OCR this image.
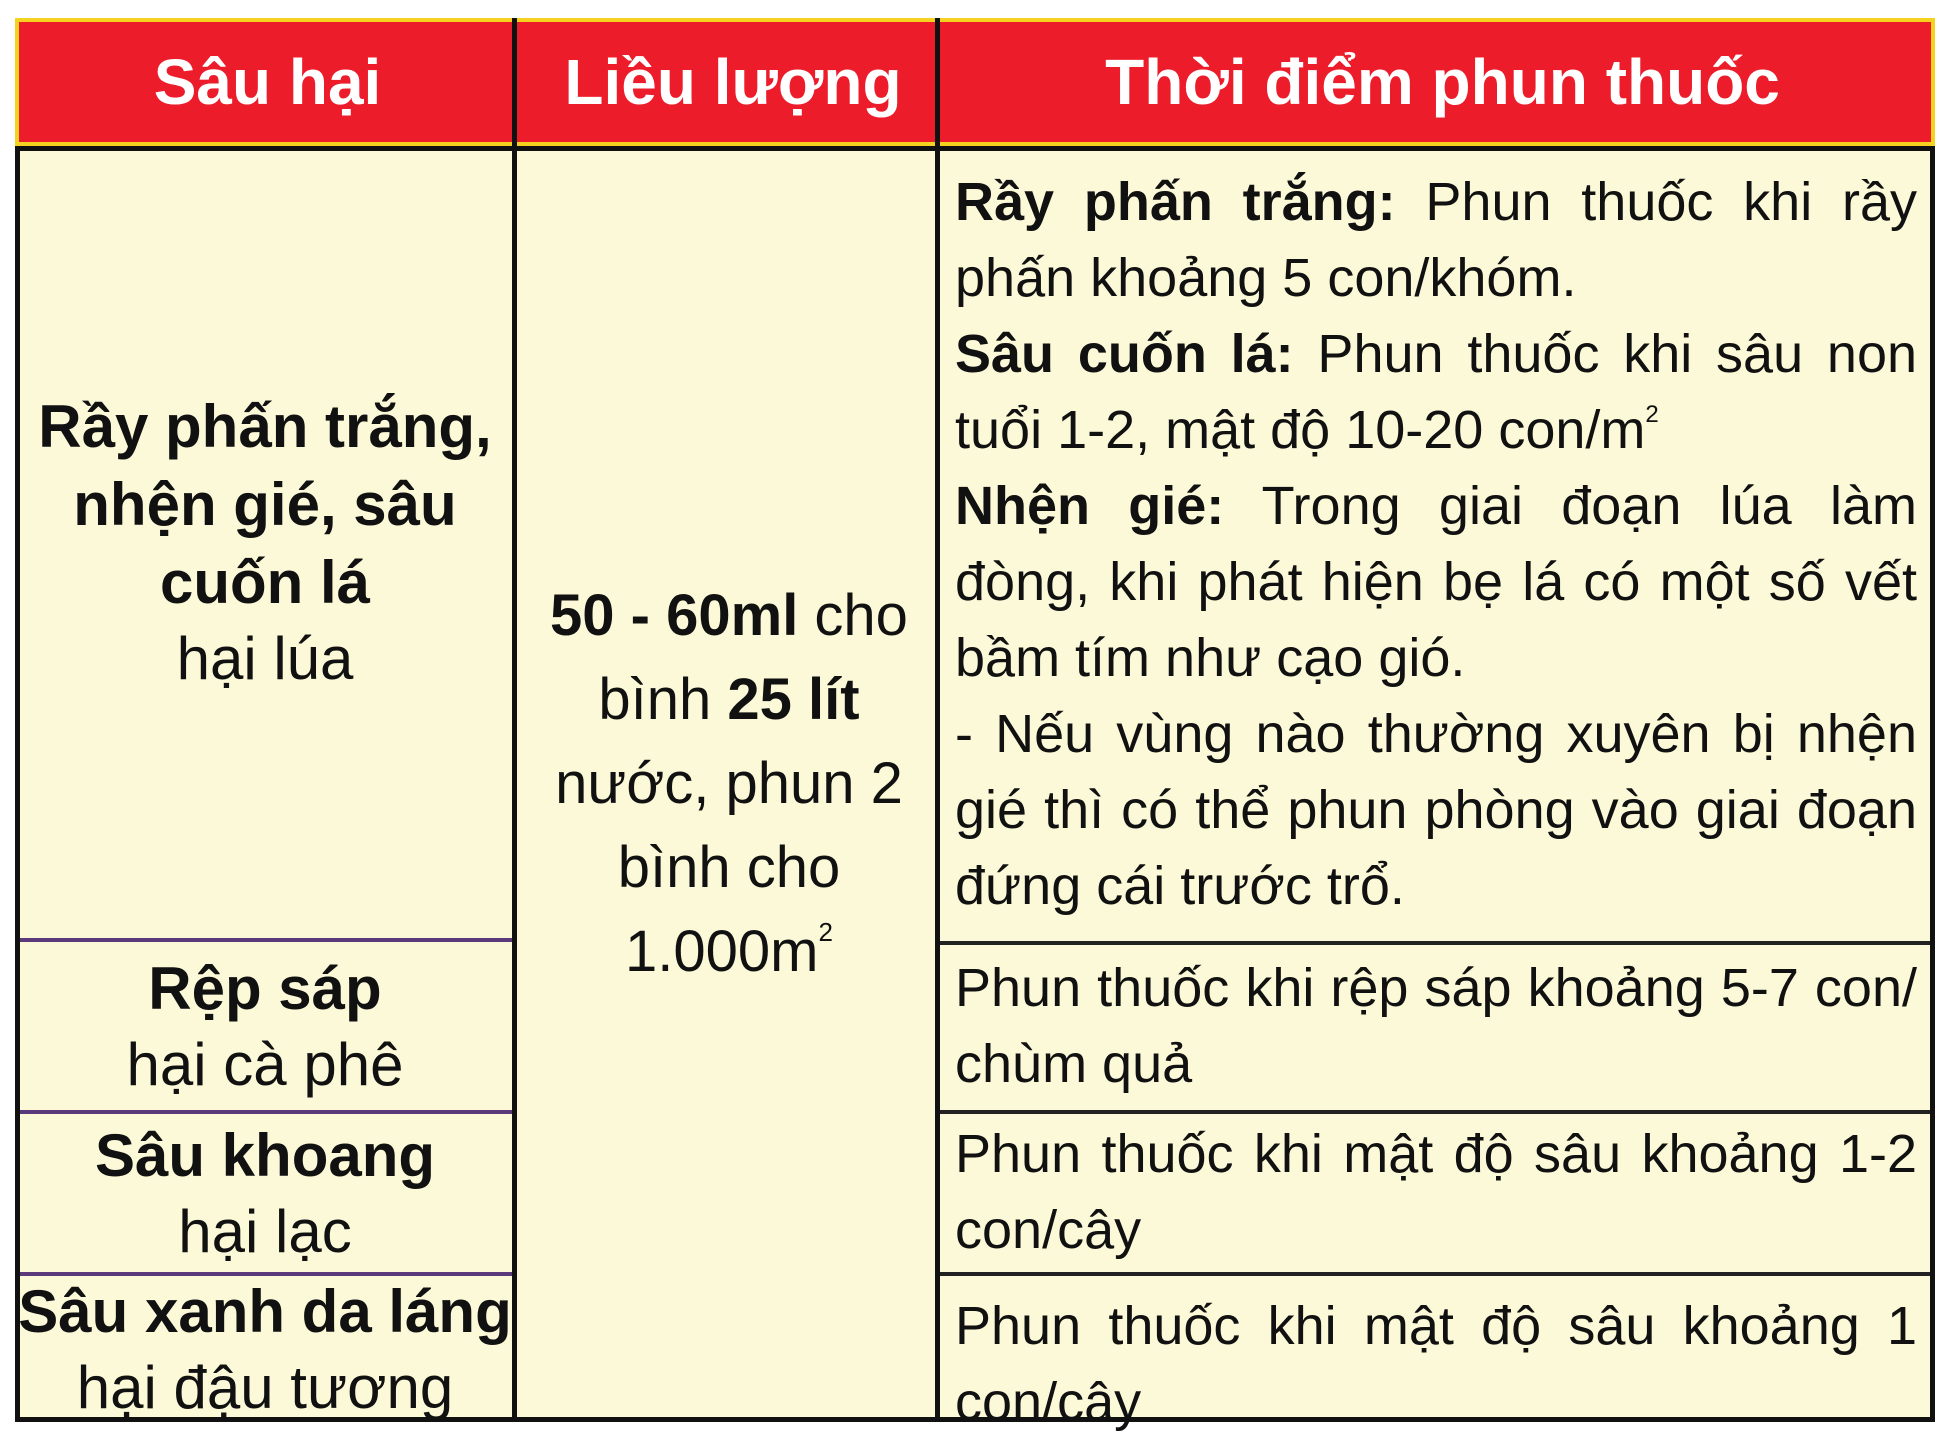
Sâu hại	Liều lượng	Thời điểm phun thuốc
Rầy phấn trắng, nhện gié, sâu cuốn lá
hại lúa
Rệp sáp
hại cà phê
Sâu khoang
hại lạc
Sâu xanh da láng
hại đậu tương
50 - 60ml cho bình 25 lít nước, phun 2 bình cho $1.000m^2$
Rầy phấn trắng: Phun thuốc khi rầy phấn khoảng 5 con/khóm.
Sâu cuốn lá: Phun thuốc khi sâu non tuổi 1-2, mật độ 10-20 con/$m^2$
Nhện gié: Trong giai đoạn lúa làm đòng, khi phát hiện bẹ lá có một số vết bầm tím như cạo gió.
- Nếu vùng nào thường xuyên bị nhện gié thì có thể phun phòng vào giai đoạn đứng cái trước trổ.
Phun thuốc khi rệp sáp khoảng 5-7 con/ chùm quả
Phun thuốc khi mật độ sâu khoảng 1-2 con/cây
Phun thuốc khi mật độ sâu khoảng 1 con/cây
